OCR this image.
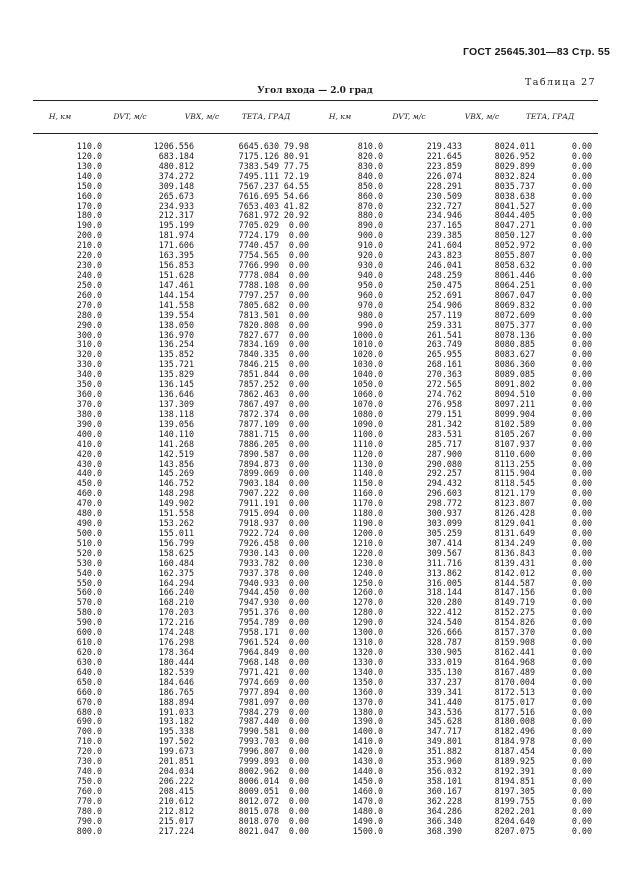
ГОСТ 25645.301—83 Стр. 55
Таблица 27
Угол входа — 2.0 град
H, км	DVT, м/с	VBX, м/с	ТЕТА, ГРАД	H, км	DVT, м/с	VBX, м/с	ТЕТА, ГРАД
110.0	1206.556	6645.630 79.98	810.0	219.433	8024.011	0.00
120.0	683.184	7175.126 80.91	820.0	221.645	8026.952	0.00
130.0	480.812	7383.549 77.75	830.0	223.859	8029.899	0.00
140.0	374.272	7495.111 72.19	840.0	226.074	8032.824	0.00
150.0	309.148	7567.237 64.55	850.0	228.291	8035.737	0.00
160.0	265.673	7616.695 54.66	860.0	230.509	8038.638	0.00
170.0	234.933	7653.403 41.82	870.0	232.727	8041.527	0.00
180.0	212.317	7681.972 20.92	880.0	234.946	8044.405	0.00
190.0	195.199	7705.029 0.00	890.0	237.165	8047.271	0.00
200.0	181.974	7724.179 0.00	900.0	239.385	8050.127	0.00
210.0	171.606	7740.457 0.00	910.0	241.604	8052.972	0.00
220.0	163.395	7754.565 0.00	920.0	243.823	8055.807	0.00
230.0	156.853	7766.990 0.00	930.0	246.041	8058.632	0.00
240.0	151.628	7778.084 0.00	940.0	248.259	8061.446	0.00
250.0	147.461	7788.108 0.00	950.0	250.475	8064.251	0.00
260.0	144.154	7797.257 0.00	960.0	252.691	8067.047	0.00
270.0	141.558	7805.682 0.00	970.0	254.906	8069.832	0.00
280.0	139.554	7813.501 0.00	980.0	257.119	8072.609	0.00
290.0	138.050	7820.808 0.00	990.0	259.331	8075.377	0.00
300.0	136.970	7827.677 0.00	1000.0	261.541	8078.136	0.00
310.0	136.254	7834.169 0.00	1010.0	263.749	8080.885	0.00
320.0	135.852	7840.335 0.00	1020.0	265.955	8083.627	0.00
330.0	135.721	7846.215 0.00	1030.0	268.161	8086.360	0.00
340.0	135.829	7851.844 0.00	1040.0	270.363	8089.085	0.00
350.0	136.145	7857.252 0.00	1050.0	272.565	8091.802	0.00
360.0	136.646	7862.463 0.00	1060.0	274.762	8094.510	0.00
370.0	137.309	7867.497 0.00	1070.0	276.958	8097.211	0.00
380.0	138.118	7872.374 0.00	1080.0	279.151	8099.904	0.00
390.0	139.056	7877.109 0.00	1090.0	281.342	8102.589	0.00
400.0	140.110	7881.715 0.00	1100.0	283.531	8105.267	0.00
410.0	141.268	7886.205 0.00	1110.0	285.717	8107.937	0.00
420.0	142.519	7890.587 0.00	1120.0	287.900	8110.600	0.00
430.0	143.856	7894.873 0.00	1130.0	290.080	8113.255	0.00
440.0	145.269	7899.069 0.00	1140.0	292.257	8115.904	0.00
450.0	146.752	7903.184 0.00	1150.0	294.432	8118.545	0.00
460.0	148.298	7907.222 0.00	1160.0	296.603	8121.179	0.00
470.0	149.902	7911.191 0.00	1170.0	298.772	8123.807	0.00
480.0	151.558	7915.094 0.00	1180.0	300.937	8126.428	0.00
490.0	153.262	7918.937 0.00	1190.0	303.099	8129.041	0.00
500.0	155.011	7922.724 0.00	1200.0	305.259	8131.649	0.00
510.0	156.799	7926.458 0.00	1210.0	307.414	8134.249	0.00
520.0	158.625	7930.143 0.00	1220.0	309.567	8136.843	0.00
530.0	160.484	7933.782 0.00	1230.0	311.716	8139.431	0.00
540.0	162.375	7937.378 0.00	1240.0	313.862	8142.012	0.00
550.0	164.294	7940.933 0.00	1250.0	316.005	8144.587	0.00
560.0	166.240	7944.450 0.00	1260.0	318.144	8147.156	0.00
570.0	168.210	7947.930 0.00	1270.0	320.280	8149.719	0.00
580.0	170.203	7951.376 0.00	1280.0	322.412	8152.275	0.00
590.0	172.216	7954.789 0.00	1290.0	324.540	8154.826	0.00
600.0	174.248	7958.171 0.00	1300.0	326.666	8157.370	0.00
610.0	176.298	7961.524 0.00	1310.0	328.787	8159.908	0.00
620.0	178.364	7964.849 0.00	1320.0	330.905	8162.441	0.00
630.0	180.444	7968.148 0.00	1330.0	333.019	8164.968	0.00
640.0	182.539	7971.421 0.00	1340.0	335.130	8167.489	0.00
650.0	184.646	7974.669 0.00	1350.0	337.237	8170.004	0.00
660.0	186.765	7977.894 0.00	1360.0	339.341	8172.513	0.00
670.0	188.894	7981.097 0.00	1370.0	341.440	8175.017	0.00
680.0	191.033	7984.279 0.00	1380.0	343.536	8177.516	0.00
690.0	193.182	7987.440 0.00	1390.0	345.628	8180.008	0.00
700.0	195.338	7990.581 0.00	1400.0	347.717	8182.496	0.00
710.0	197.502	7993.703 0.00	1410.0	349.801	8184.978	0.00
720.0	199.673	7996.807 0.00	1420.0	351.882	8187.454	0.00
730.0	201.851	7999.893 0.00	1430.0	353.960	8189.925	0.00
740.0	204.034	8002.962 0.00	1440.0	356.032	8192.391	0.00
750.0	206.222	8006.014 0.00	1450.0	358.101	8194.851	0.00
760.0	208.415	8009.051 0.00	1460.0	360.167	8197.305	0.00
770.0	210.612	8012.072 0.00	1470.0	362.228	8199.755	0.00
780.0	212.812	8015.078 0.00	1480.0	364.286	8202.201	0.00
790.0	215.017	8018.070 0.00	1490.0	366.340	8204.640	0.00
800.0	217.224	8021.047 0.00	1500.0	368.390	8207.075	0.00
